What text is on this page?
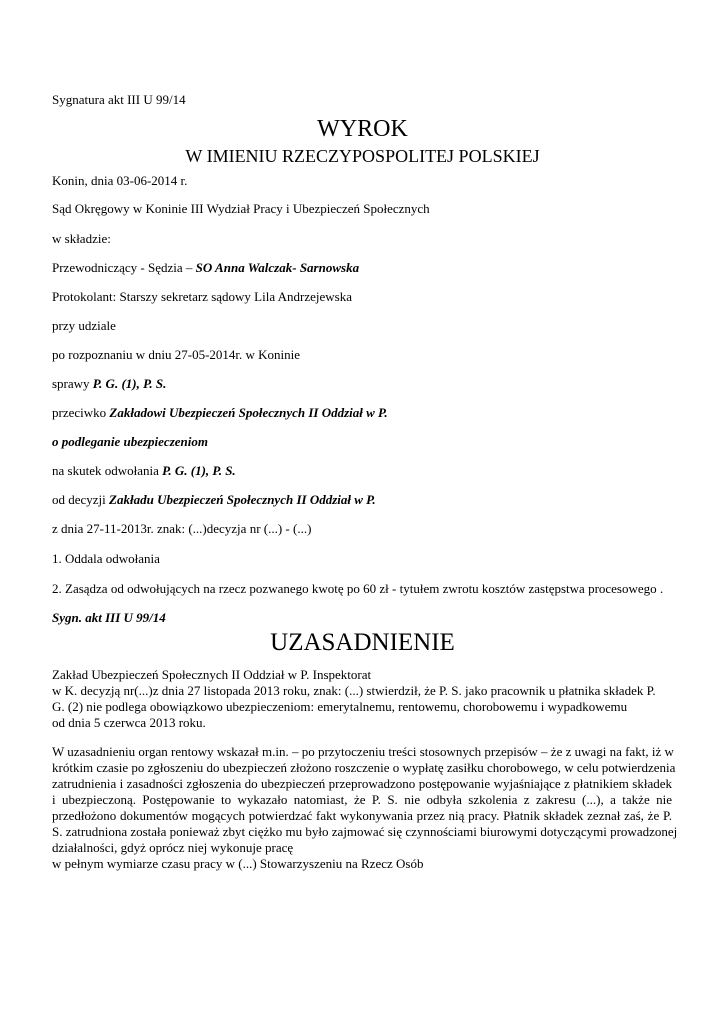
Sygnatura akt III U 99/14
WYROK
W IMIENIU RZECZYPOSPOLITEJ POLSKIEJ
Konin, dnia 03-06-2014 r.
Sąd Okręgowy w Koninie III Wydział Pracy i Ubezpieczeń Społecznych
w składzie:
Przewodniczący - Sędzia – SO Anna Walczak- Sarnowska
Protokolant: Starszy sekretarz sądowy Lila Andrzejewska
przy udziale
po rozpoznaniu w dniu 27-05-2014r. w Koninie
sprawy P. G. (1), P. S.
przeciwko Zakładowi Ubezpieczeń Społecznych II Oddział w P.
o podleganie ubezpieczeniom
na skutek odwołania P. G. (1), P. S.
od decyzji Zakładu Ubezpieczeń Społecznych II Oddział w P.
z dnia 27-11-2013r. znak: (...)decyzja nr (...) - (...)
1. Oddala odwołania
2. Zasądza od odwołujących na rzecz pozwanego kwotę po 60 zł - tytułem zwrotu kosztów zastępstwa procesowego .
Sygn. akt III U 99/14
UZASADNIENIE
Zakład Ubezpieczeń Społecznych II Oddział w P. Inspektorat
w K. decyzją nr(...)z dnia 27 listopada 2013 roku, znak: (...) stwierdził, że P. S. jako pracownik u płatnika składek P.
G. (2) nie podlega obowiązkowo ubezpieczeniom: emerytalnemu, rentowemu, chorobowemu i wypadkowemu
od dnia 5 czerwca 2013 roku.
W uzasadnieniu organ rentowy wskazał m.in. – po przytoczeniu treści stosownych przepisów – że z uwagi na fakt, iż w
krótkim czasie po zgłoszeniu do ubezpieczeń złożono roszczenie o wypłatę zasiłku chorobowego, w celu potwierdzenia
zatrudnienia i zasadności zgłoszenia do ubezpieczeń przeprowadzono postępowanie wyjaśniające z płatnikiem składek
i ubezpieczoną. Postępowanie to wykazało natomiast, że P. S. nie odbyła szkolenia z zakresu (...), a także nie
przedłożono dokumentów mogących potwierdzać fakt wykonywania przez nią pracy. Płatnik składek zeznał zaś, że P.
S. zatrudniona została ponieważ zbyt ciężko mu było zajmować się czynnościami biurowymi dotyczącymi prowadzonej
działalności, gdyż oprócz niej wykonuje pracę
w pełnym wymiarze czasu pracy w (...) Stowarzyszeniu na Rzecz Osób
